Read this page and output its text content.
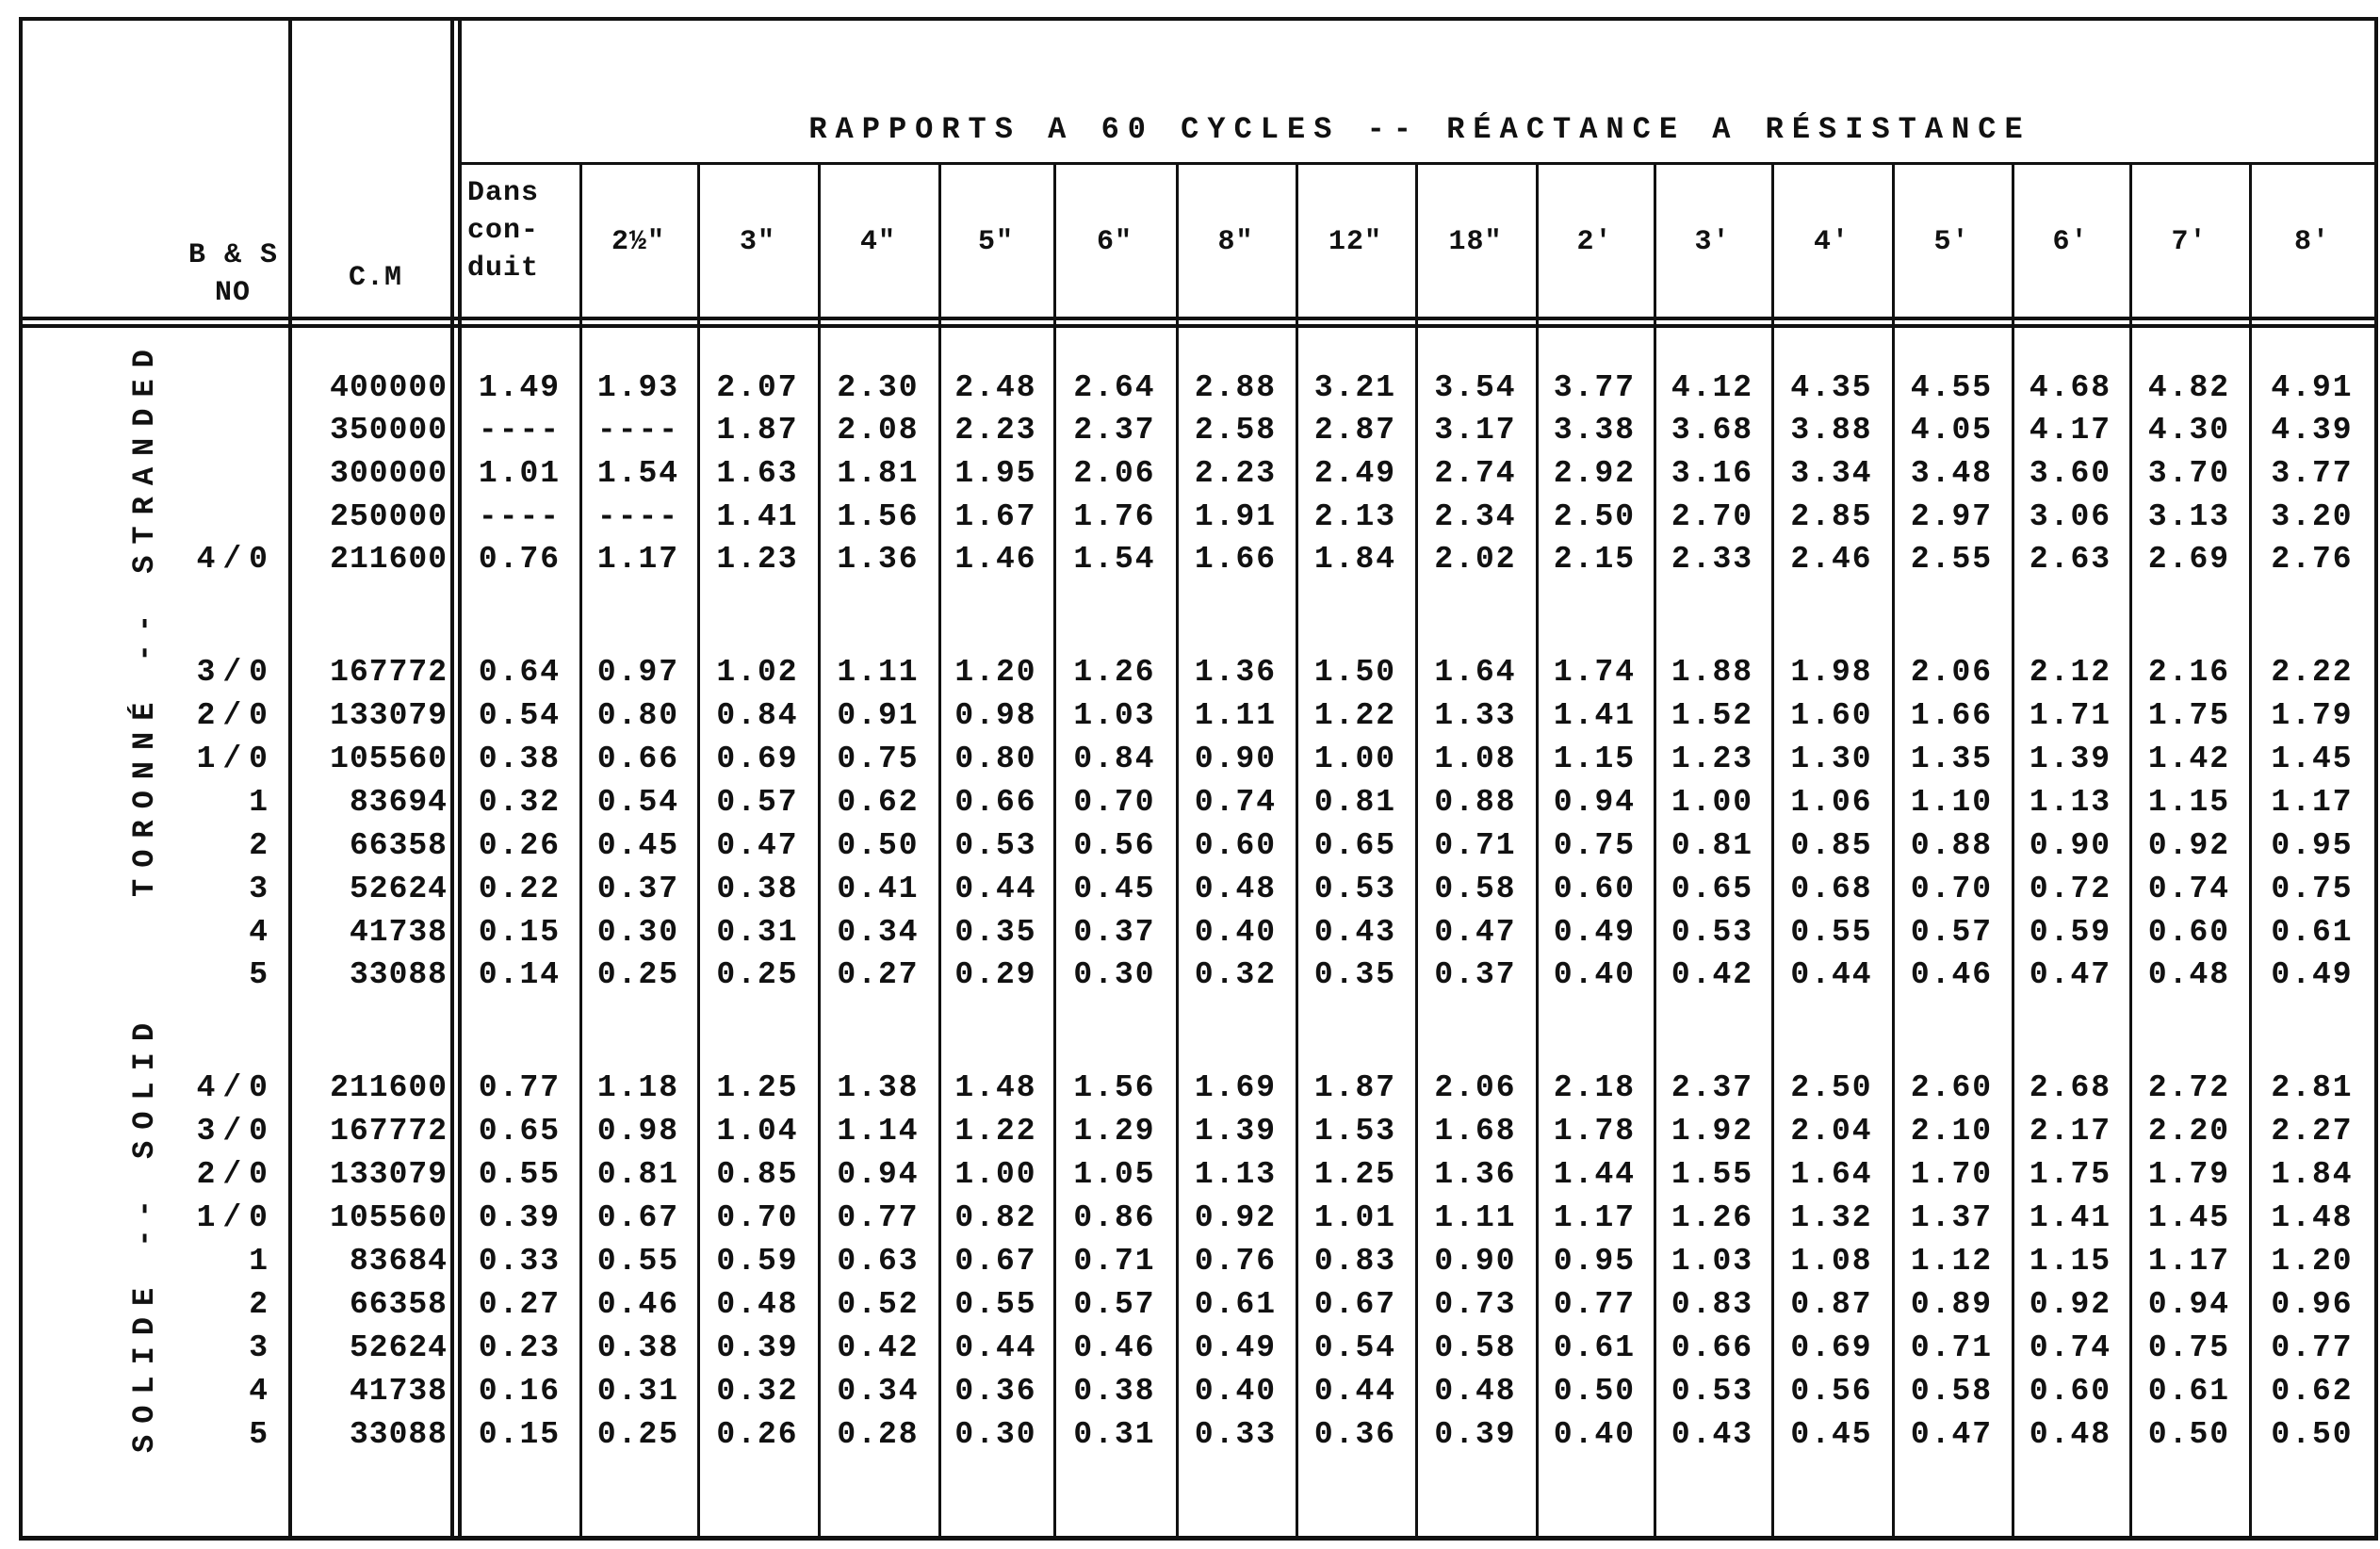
RAPPORTS A 60 CYCLES -- RÉACTANCE A RÉSISTANCE
B & S
NO	C.M
TORONNÉ -- STRANDED
SOLIDE -- SOLID
Dans
con-
duit
2½"	3"	4"	5"	6"	8"	12"	18"	2'	3'	4'	5'	6'	7'	8'
400000 1.49	1.93	2.07	2.30	2.48	2.64	2.88	3.21	3.54	3.77	4.12	4.35	4.55	4.68	4.82	4.91
350000 ----	----	1.87	2.08	2.23	2.37	2.58	2.87	3.17	3.38	3.68	3.88	4.05	4.17	4.30	4.39
300000 1.01	1.54	1.63	1.81	1.95	2.06	2.23	2.49	2.74	2.92	3.16	3.34	3.48	3.60	3.70	3.77
250000 ----	----	1.41	1.56	1.67	1.76	1.91	2.13	2.34	2.50	2.70	2.85	2.97	3.06	3.13	3.20
4/0	211600 0.76	1.17	1.23	1.36	1.46	1.54	1.66	1.84	2.02	2.15	2.33	2.46	2.55	2.63	2.69	2.76
3/0	167772 0.64	0.97	1.02	1.11	1.20	1.26	1.36	1.50	1.64	1.74	1.88	1.98	2.06	2.12	2.16	2.22
2/0	133079 0.54	0.80	0.84	0.91	0.98	1.03	1.11	1.22	1.33	1.41	1.52	1.60	1.66	1.71	1.75	1.79
1/0	105560 0.38	0.66	0.69	0.75	0.80	0.84	0.90	1.00	1.08	1.15	1.23	1.30	1.35	1.39	1.42	1.45
1	83694 0.32	0.54	0.57	0.62	0.66	0.70	0.74	0.81	0.88	0.94	1.00	1.06	1.10	1.13	1.15	1.17
2	66358 0.26	0.45	0.47	0.50	0.53	0.56	0.60	0.65	0.71	0.75	0.81	0.85	0.88	0.90	0.92	0.95
3	52624 0.22	0.37	0.38	0.41	0.44	0.45	0.48	0.53	0.58	0.60	0.65	0.68	0.70	0.72	0.74	0.75
4	41738 0.15	0.30	0.31	0.34	0.35	0.37	0.40	0.43	0.47	0.49	0.53	0.55	0.57	0.59	0.60	0.61
5	33088 0.14	0.25	0.25	0.27	0.29	0.30	0.32	0.35	0.37	0.40	0.42	0.44	0.46	0.47	0.48	0.49
4/0	211600 0.77	1.18	1.25	1.38	1.48	1.56	1.69	1.87	2.06	2.18	2.37	2.50	2.60	2.68	2.72	2.81
3/0	167772 0.65	0.98	1.04	1.14	1.22	1.29	1.39	1.53	1.68	1.78	1.92	2.04	2.10	2.17	2.20	2.27
2/0	133079 0.55	0.81	0.85	0.94	1.00	1.05	1.13	1.25	1.36	1.44	1.55	1.64	1.70	1.75	1.79	1.84
1/0	105560 0.39	0.67	0.70	0.77	0.82	0.86	0.92	1.01	1.11	1.17	1.26	1.32	1.37	1.41	1.45	1.48
1	83684 0.33	0.55	0.59	0.63	0.67	0.71	0.76	0.83	0.90	0.95	1.03	1.08	1.12	1.15	1.17	1.20
2	66358 0.27	0.46	0.48	0.52	0.55	0.57	0.61	0.67	0.73	0.77	0.83	0.87	0.89	0.92	0.94	0.96
3	52624 0.23	0.38	0.39	0.42	0.44	0.46	0.49	0.54	0.58	0.61	0.66	0.69	0.71	0.74	0.75	0.77
4	41738 0.16	0.31	0.32	0.34	0.36	0.38	0.40	0.44	0.48	0.50	0.53	0.56	0.58	0.60	0.61	0.62
5	33088 0.15	0.25	0.26	0.28	0.30	0.31	0.33	0.36	0.39	0.40	0.43	0.45	0.47	0.48	0.50	0.50
